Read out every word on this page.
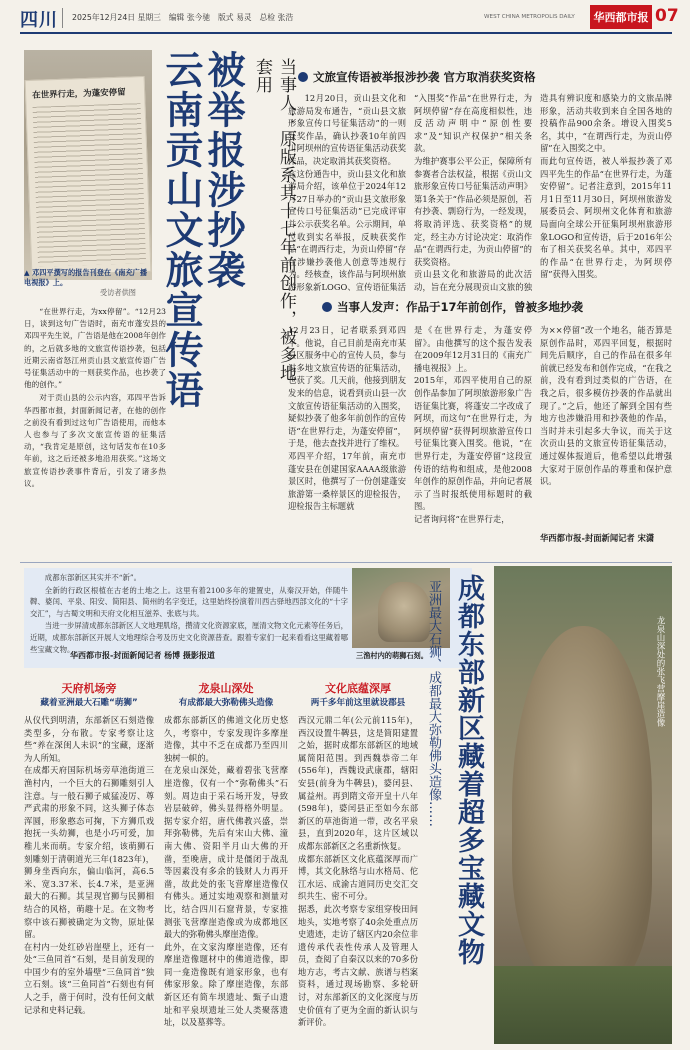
四川 2025年12月24日 星期三　编辑 张今驰　版式 易灵　总检 张浩	WEST CHINA METROPOLIS DAILY 华西都市报 07
在世界行走，为蓬安停留
▲ 邓四平撰写的报告刊登在《南充广播电视报》上。
受访者供图
被举报涉抄袭
云南贡山文旅宣传语	当事人：原版系其十七年前创作，被多地套用

“在世界行走，为xx停留”。“12月23日，谈到这句广告语时，南充市蓬安县的邓四平先生说，广告语是他在2008年创作的，之后就多地的文旅宣传语抄袭，包括近期云南省怒江州贡山县文旅宣传语广告号征集活动中的一则获奖作品，也抄袭了他的创作。”

对于贡山县的公示内容，邓四平告诉华西都市报，封面新闻记者，在他的创作之前没有看到过这句广告语使用，而他本人也参与了多次文旅宣传语的征集活动，“我肯定是原创，这句话发布在10多年前，这之后还被多地沿用获奖。”这场文旅宣传语抄袭事件背后，引发了诸多热议。

文旅宣传语被举报涉抄袭 官方取消获奖资格
12月20日，贡山县文化和旅游局发布通告，“贡山县文旅形象宣传口号征集活动”的一则获奖作品，确认抄袭10年前四川阿坝州的宣传语征集活动获奖作品，决定取消其获奖资格。
在这份通告中，贡山县文化和旅游局介绍，该单位于2024年12月27日举办的“贡山县文旅形象宣传口号征集活动”已完成评审并公示获奖名单。公示期间，单位收到实名举报，反映获奖作品“在谓西行走，为贡山停留”存在涉嫌抄袭他人创意等违规行为。经核查，该作品与阿坝州旅游形象新LOGO、宣传语征集活
“入围奖”作品“在世界行走，为阿坝停留”存在高度相似性，违反活动声明中“原创性要求”及“知识产权保护”相关条款。
为维护赛事公平公正，保障所有参赛者合法权益，根据《贡山文旅形象宣传口号征集活动声明》第1条关于“作品必须是原创，若有抄袭、剽窃行为，一经发现，将取消评选、获奖资格”的规定，经主办方讨论决定：取消作品“在谓西行走，为贡山停留”的获奖资格。
贡山县文化和旅游局的此次活动，旨在充分展现贡山文旅的独
造具有辨识度和感染力的文旅品牌形象，活动共收到来自全国各地的投稿作品900余条。增设入围奖5名，其中，“在谓西行走，为贡山停留”在入围奖之中。
而此句宣传语，被人举报抄袭了邓四平先生的作品“在世界行走，为蓬安停留”。记者注意到，2015年11月1日至11月30日，阿坝州旅游发展委员会、阿坝州文化体育和旅游局面向全球公开征集阿坝州旅游形象LOGO和宣传语，后于2016年公布了相关获奖名单。其中，邓四平的作品“在世界行走，为阿坝停留”获得入围奖。
当事人发声：作品于17年前创作，曾被多地抄袭
12月23日，记者联系到邓四平。他说，自己目前是南充市某县区服务中心的宣传人员，参与过多地文旅宣传语的征集活动，也获了奖。几天前，他接到朋友发来的信息，说看到贡山县一次文旅宣传语征集活动的入围奖，疑似抄袭了他多年前创作的宣传语“在世界行走，为蓬安停留”，于是，他去查找并进行了维权。
邓四平介绍，17年前，南充市蓬安县在创建国家AAAA级旅游景区时，他撰写了一份创建蓬安旅游第一桑梓景区的迎检报告，迎检报告主标题就
是《在世界行走，为蓬安停留》。由他撰写的这个报告发表在2009年12月31日的《南充广播电视报》上。
2015年，邓四平使用自己的原创作品参加了阿坝旅游形象广告语征集比赛，将蓬安二字改成了阿坝，而这句“在世界行走，为阿坝停留”获得阿坝旅游宣传口号征集比赛入围奖。他说，“在世界行走，为蓬安停留”这段宣传语的结构和组成，是他2008年创作的原创作品，并向记者展示了当时报纸使用标题时的截图。
记者询问将“在世界行走，
为××停留”改一个地名，能否算是原创作品时，邓四平回复，根据时间先后顺序，自己的作品在很多年前就已经发布和创作完成，“在我之前，没有看到过类似的广告语，在我之后，很多模仿抄袭的作品就出现了。”之后，他还了解到全国有些地方也涉嫌沿用和抄袭他的作品，当时并未引起多大争议，而关于这次贡山县的文旅宣传语征集活动，通过媒体报道后，他希望以此增强大家对于原创作品的尊重和保护意识。
华西都市报-封面新闻记者 宋潇

成都东部新区其实并不“新”。

全新的行政区根植在古老的土地之上。这里有着2100多年的建置史，从秦汉开始，伴随牛鞞、婆闰、平泉、阳安、简阳县、简州的名字变迁，这里始终扮演着川西古驿地西部文化的“十字交汇”，与古蜀文明和天府文化相互滋养、张底与共。

当进一步屏清成都东部新区人文地理肌络，攒清文化资源家底，厘清文物文化元素等任务后，近期，成都东部新区开展人文地理综合考及历史文化资源普查。跟着专家们一起来看看这里藏着哪些宝藏文物。

华西都市报-封面新闻记者 杨博 摄影报道	三渔村内的萌狮石刻。 成都东部新区藏着超多宝藏文物
亚洲最大石狮、成都最大弥勒佛头造像……	龙泉山深处的张飞营摩崖造像
天府机场旁
藏着亚洲最大石雕“萌狮”
从仪代到明清，东部新区石刻造像类型多，分布散。专家考察让这些“养在深闺人未识”的宝藏，逐渐为人所知。
在成都天府国际机场旁草池街道三渔村内，一个巨大的石狮雕刻引人注意。与一般石狮子威猛凌厉、尊严武肃的形象不同，这头狮子体态浑圆，形象憨态可掬，下方狮爪戏抱抚一头幼狮，也是小巧可爱，加稚儿来而萌。专家介绍，该萌狮石刻雕刻于清朝道光三年(1823年)，狮身坐西向东，偏山临河，高6.5米、宽3.37米、长4.7米，是亚洲最大的石狮。其呈现官狮与民狮相结合的风格，萌趣十足。在文物考察中该石狮被确定为文物，原址保留。
在村内一处红砂岩崖壁上，还有一处“三鱼同首”石刻，是目前发现的中国少有的室外墙壁“三鱼同首”独立石刻。该“三鱼同首”石刻也有何人之手，凿于何时，没有任何文献记录和史料记载。
龙泉山深处
有成都最大弥勒佛头造像
成都东部新区的佛道文化历史悠久，考察中，专家发现许多摩崖造像，其中不乏在成都乃至四川独树一帜的。
在龙泉山深处，藏着碧张飞营摩崖造像，仅有一个“弥勒佛头”石刻。周边由于采石场开发，导致岩层破碎，佛头显得格外明显。据专家介绍，唐代佛教兴盛，崇拜弥勒佛，先后有宋山大佛、潼南大佛、资阳半月山大佛的开凿，至晚唐，成计是僵闭于战乱等因素没有多余的钱财人力再开凿，故此处的张飞营摩崖造像仅有佛头。通过实地观察和测量对比，结合四川石窟背景，专家推测张飞营摩崖造像或为成都地区最大的弥勒佛头摩崖造像。
此外，在文家沟摩崖造像，还有摩崖造像题材中的佛道造像，即同一龛造像既有道家形象，也有佛家形象。除了摩崖造像，东部新区还有简车坝遗址、甄子山遗址和平泉坝遗址三处人类聚落遗址，以及墓葬等。
文化底蕴深厚
两千多年前这里就设郡县
西汉元鼎二年(公元前115年)，西汉设置牛鞞县，这是简阳建置之始，据时成都东部新区的地域属简阳范围。到西魏恭帝二年(556年)，西魏设武康郡，辖阳安县(前身为牛鞞县)，婆闰县、属益州。再到隋文帝开皇十八年(598年)，婆闰县正至如今东部新区的草池街道一带，改名平泉县，直到2020年，这片区域以成都东部新区之名重新恢复。
成都东部新区文化底蕴深厚而广博，其文化脉络与山水格局、佗江水运、成渝古道同历史交汇交织共生、密不可分。
据悉，此次考察专家组穿梭田间地头，实地考察了40余处重点历史遗迹，走访了辖区内20余位非遗传承代表性传承人及管理人员，查阅了自秦汉以来的70多份地方志，考古文献、族谱与档案资料，通过现场勘察、多轮研讨，对东部新区的文化深度与历史价值有了更为全面的新认识与新评价。
